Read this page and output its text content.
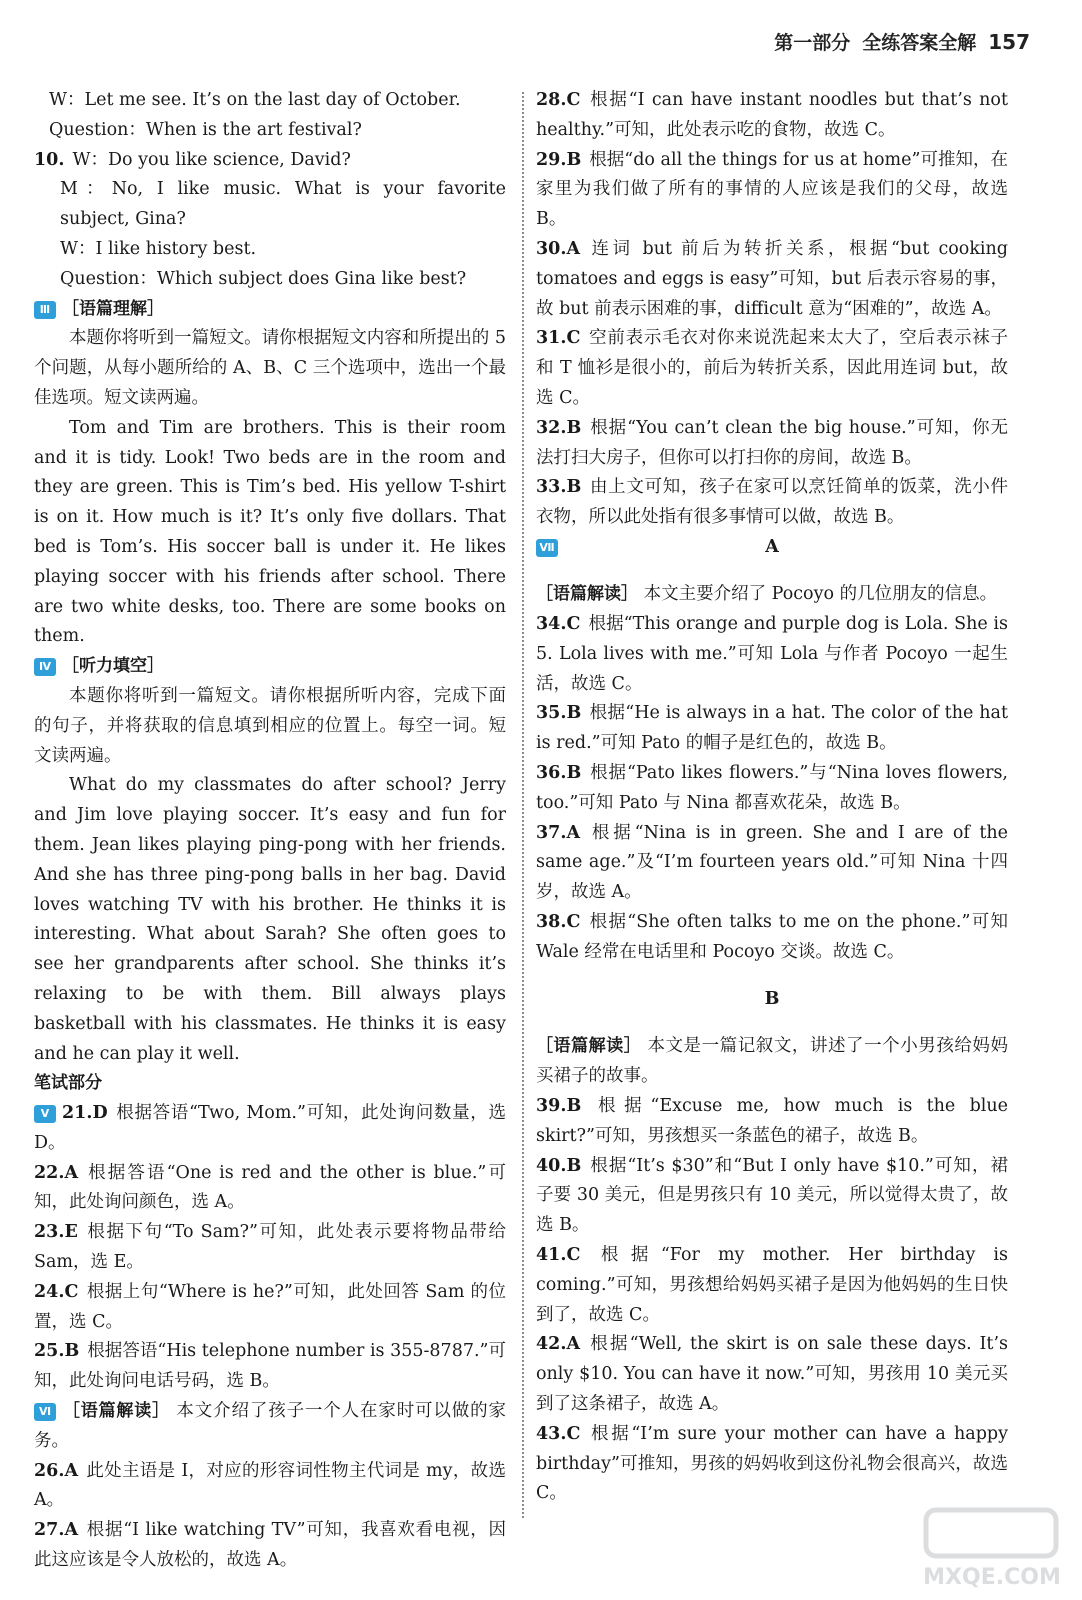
第一部分 全练答案全解 157

W：Let me see. It’s on the last day of October.

Question：When is the art festival?

10. W：Do you like science, David?

M：No, I like music. What is your favorite subject, Gina?

W：I like history best.

Question：Which subject does Gina like best?

Ⅲ ［语篇理解］

本题你将听到一篇短文。请你根据短文内容和所提出的 5 个问题，从每小题所给的 A、B、C 三个选项中，选出一个最佳选项。短文读两遍。

Tom and Tim are brothers. This is their room and it is tidy. Look! Two beds are in the room and they are green. This is Tim’s bed. His yellow T-shirt is on it. How much is it? It’s only five dollars. That bed is Tom’s. His soccer ball is under it. He likes playing soccer with his friends after school. There are two white desks, too. There are some books on them.

Ⅳ ［听力填空］

本题你将听到一篇短文。请你根据所听内容，完成下面的句子，并将获取的信息填到相应的位置上。每空一词。短文读两遍。

What do my classmates do after school? Jerry and Jim love playing soccer. It’s easy and fun for them. Jean likes playing ping-pong with her friends. And she has three ping-pong balls in her bag. David loves watching TV with his brother. He thinks it is interesting. What about Sarah? She often goes to see her grandparents after school. She thinks it’s relaxing to be with them. Bill always plays basketball with his classmates. He thinks it is easy and he can play it well.

笔试部分

Ⅴ 21.D 根据答语“Two, Mom.”可知，此处询问数量，选 D。

22.A 根据答语“One is red and the other is blue.”可知，此处询问颜色，选 A。

23.E 根据下句“To Sam?”可知，此处表示要将物品带给 Sam，选 E。

24.C 根据上句“Where is he?”可知，此处回答 Sam 的位置，选 C。

25.B 根据答语“His telephone number is 355-8787.”可知，此处询问电话号码，选 B。

Ⅵ ［语篇解读］ 本文介绍了孩子一个人在家时可以做的家务。

26.A 此处主语是 I，对应的形容词性物主代词是 my，故选 A。

27.A 根据“I like watching TV”可知，我喜欢看电视，因此这应该是令人放松的，故选 A。

28.C 根据“I can have instant noodles but that’s not healthy.”可知，此处表示吃的食物，故选 C。

29.B 根据“do all the things for us at home”可推知，在家里为我们做了所有的事情的人应该是我们的父母，故选 B。

30.A 连词 but 前后为转折关系，根据“but cooking tomatoes and eggs is easy”可知，but 后表示容易的事，故 but 前表示困难的事，difficult 意为“困难的”，故选 A。

31.C 空前表示毛衣对你来说洗起来太大了，空后表示袜子和 T 恤衫是很小的，前后为转折关系，因此用连词 but，故选 C。

32.B 根据“You can’t clean the big house.”可知，你无法打扫大房子，但你可以打扫你的房间，故选 B。

33.B 由上文可知，孩子在家可以烹饪简单的饭菜，洗小件衣物，所以此处指有很多事情可以做，故选 B。

Ⅶ	A

［语篇解读］ 本文主要介绍了 Pocoyo 的几位朋友的信息。

34.C 根据“This orange and purple dog is Lola. She is 5. Lola lives with me.”可知 Lola 与作者 Pocoyo 一起生活，故选 C。

35.B 根据“He is always in a hat. The color of the hat is red.”可知 Pato 的帽子是红色的，故选 B。

36.B 根据“Pato likes flowers.”与“Nina loves flowers, too.”可知 Pato 与 Nina 都喜欢花朵，故选 B。

37.A 根据“Nina is in green. She and I are of the same age.”及“I’m fourteen years old.”可知 Nina 十四岁，故选 A。

38.C 根据“She often talks to me on the phone.”可知 Wale 经常在电话里和 Pocoyo 交谈。故选 C。

B

［语篇解读］ 本文是一篇记叙文，讲述了一个小男孩给妈妈买裙子的故事。

39.B 根据“Excuse me, how much is the blue skirt?”可知，男孩想买一条蓝色的裙子，故选 B。

40.B 根据“It’s $30”和“But I only have $10.”可知，裙子要 30 美元，但是男孩只有 10 美元，所以觉得太贵了，故选 B。

41.C 根据“For my mother. Her birthday is coming.”可知，男孩想给妈妈买裙子是因为他妈妈的生日快到了，故选 C。

42.A 根据“Well, the skirt is on sale these days. It’s only $10. You can have it now.”可知，男孩用 10 美元买到了这条裙子，故选 A。

43.C 根据“I’m sure your mother can have a happy birthday”可推知，男孩的妈妈收到这份礼物会很高兴，故选 C。

MXQE.COM
